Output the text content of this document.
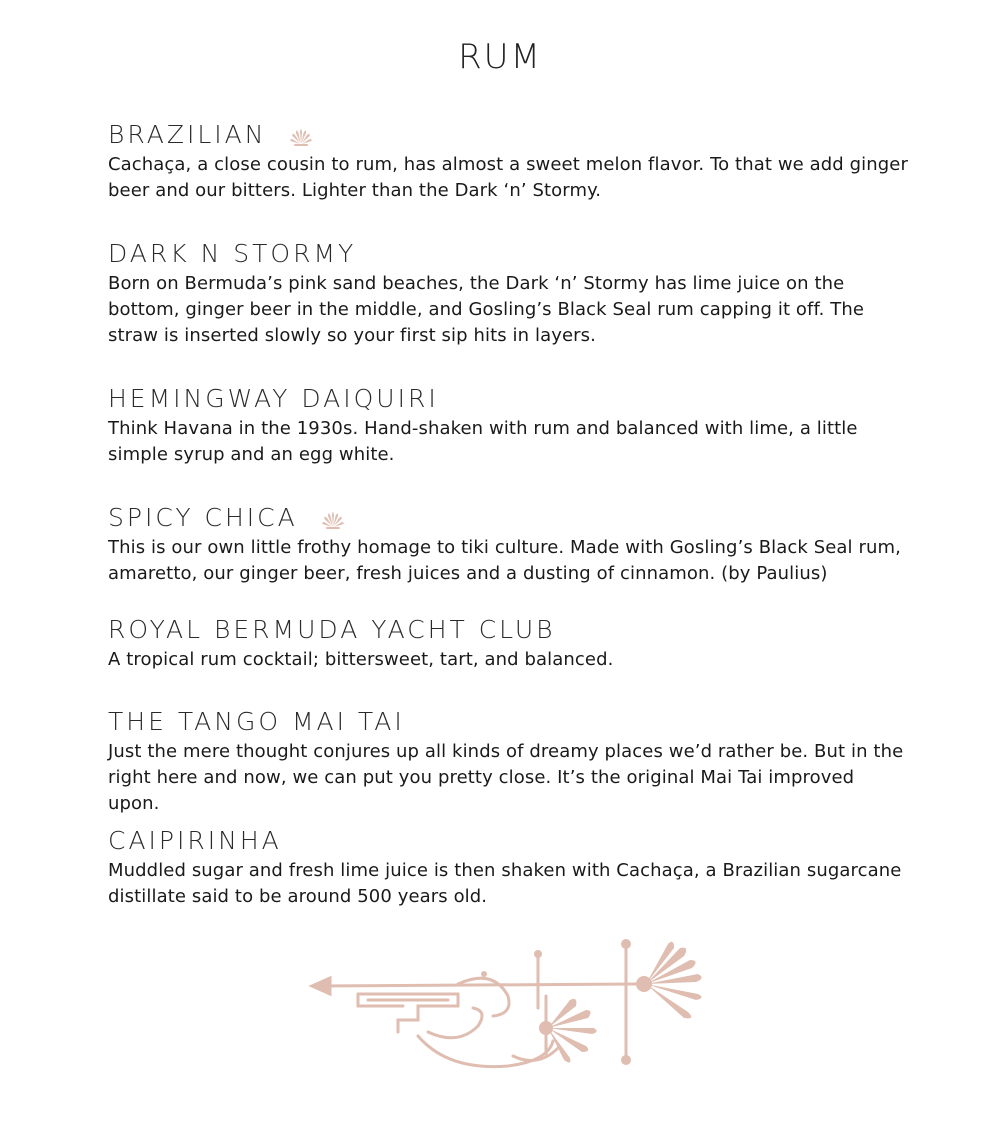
RUM
BRAZILIAN
Cachaça, a close cousin to rum, has almost a sweet melon flavor. To that we add ginger beer and our bitters. Lighter than the Dark ‘n’ Stormy.
DARK N STORMY
Born on Bermuda’s pink sand beaches, the Dark ‘n’ Stormy has lime juice on the bottom, ginger beer in the middle, and Gosling’s Black Seal rum capping it off. The straw is inserted slowly so your first sip hits in layers.
HEMINGWAY DAIQUIRI
Think Havana in the 1930s. Hand-shaken with rum and balanced with lime, a little simple syrup and an egg white.
SPICY CHICA
This is our own little frothy homage to tiki culture. Made with Gosling’s Black Seal rum, amaretto, our ginger beer, fresh juices and a dusting of cinnamon. (by Paulius)
ROYAL BERMUDA YACHT CLUB
A tropical rum cocktail; bittersweet, tart, and balanced.
THE TANGO MAI TAI
Just the mere thought conjures up all kinds of dreamy places we’d rather be. But in the right here and now, we can put you pretty close. It’s the original Mai Tai improved upon.
CAIPIRINHA
Muddled sugar and fresh lime juice is then shaken with Cachaça, a Brazilian sugarcane distillate said to be around 500 years old.
